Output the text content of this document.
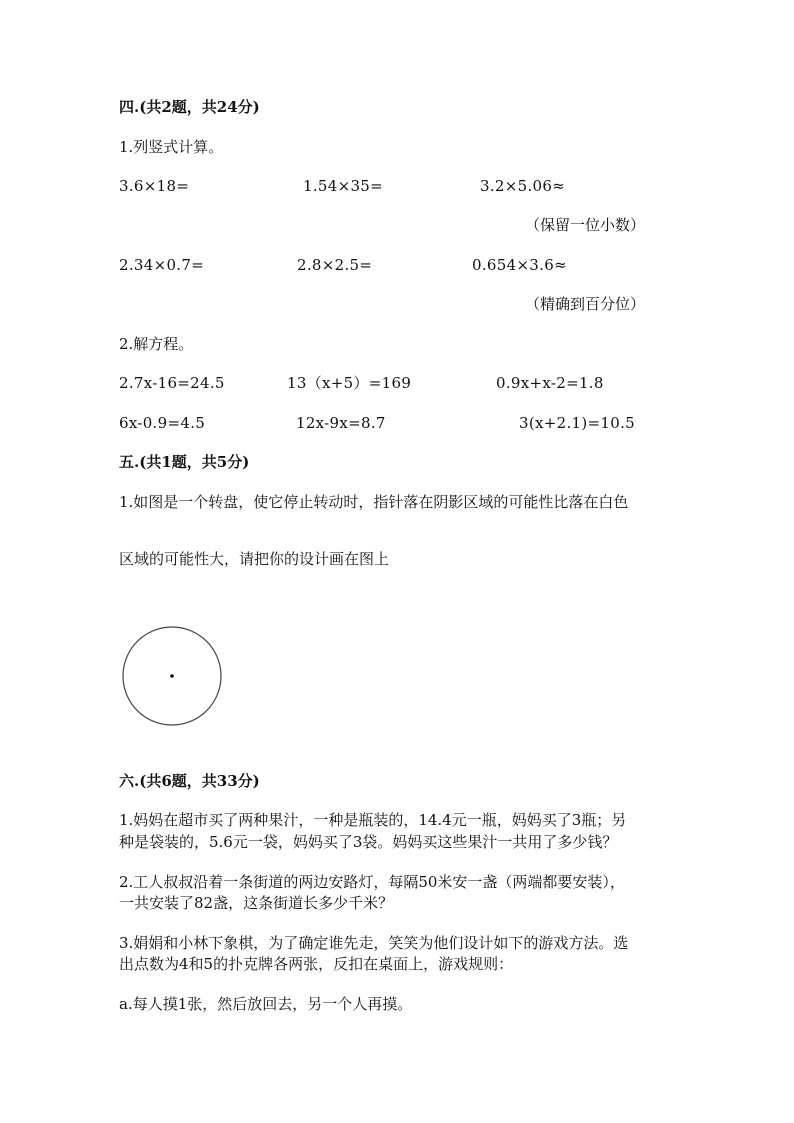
四.(共2题，共24分)
1.列竖式计算。
3.6×18=	1.54×35=	3.2×5.06≈
（保留一位小数）
2.34×0.7=	2.8×2.5=	0.654×3.6≈
（精确到百分位）
2.解方程。
2.7x-16=24.5	13（x+5）=169	0.9x+x-2=1.8
6x-0.9=4.5	12x-9x=8.7	3(x+2.1)=10.5
五.(共1题，共5分)
1.如图是一个转盘，使它停止转动时，指针落在阴影区域的可能性比落在白色
区域的可能性大，请把你的设计画在图上
六.(共6题，共33分)
1.妈妈在超市买了两种果汁，一种是瓶装的，14.4元一瓶，妈妈买了3瓶；另
种是袋装的，5.6元一袋，妈妈买了3袋。妈妈买这些果汁一共用了多少钱？
2.工人叔叔沿着一条街道的两边安路灯，每隔50米安一盏（两端都要安装），
一共安装了82盏，这条街道长多少千米？
3.娟娟和小林下象棋，为了确定谁先走，笑笑为他们设计如下的游戏方法。选
出点数为4和5的扑克牌各两张，反扣在桌面上，游戏规则：
a.每人摸1张，然后放回去，另一个人再摸。
